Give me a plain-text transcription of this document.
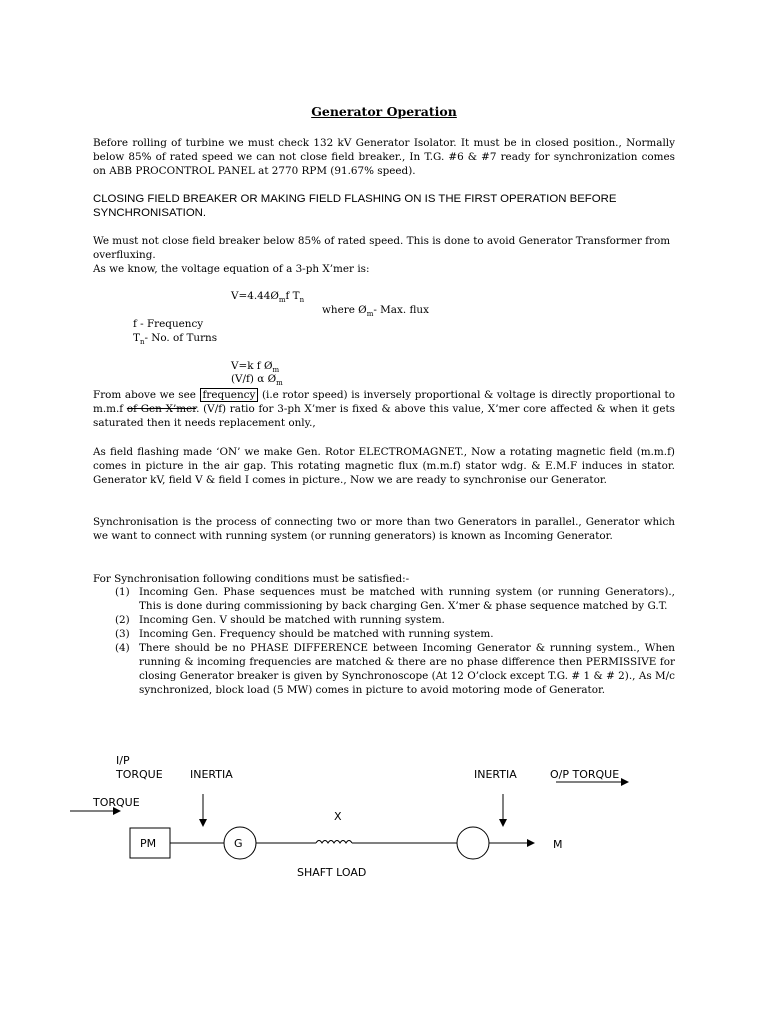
Generator Operation
Before rolling of turbine we must check 132 kV Generator Isolator. It must be in closed position., Normally below 85% of rated speed we can not close field breaker., In T.G. #6 & #7 ready for synchronization comes on ABB PROCONTROL PANEL at 2770 RPM (91.67% speed).
CLOSING FIELD BREAKER OR MAKING FIELD FLASHING ON IS THE FIRST OPERATION BEFORE SYNCHRONISATION.
We must not close field breaker below 85% of rated speed. This is done to avoid Generator Transformer from overfluxing.
As we know, the voltage equation of a 3-ph X’mer is:
$V=4.44Ø_mf$ $T_n$
where $Ø_m-$ Max. flux
f - Frequency
$T_n-$ No. of Turns
V=k f $Ø_m$
(V/f) α $Ø_m$
From above we see frequency (i.e rotor speed) is inversely proportional & voltage is directly proportional to m.m.f of Gen X’mer. (V/f) ratio for 3-ph X’mer is fixed & above this value, X’mer core affected & when it gets saturated then it needs replacement only.,
As field flashing made ‘ON’ we make Gen. Rotor ELECTROMAGNET., Now a rotating magnetic field (m.m.f) comes in picture in the air gap. This rotating magnetic flux (m.m.f) stator wdg. & E.M.F induces in stator. Generator kV, field V & field I comes in picture., Now we are ready to synchronise our Generator.
Synchronisation is the process of connecting two or more than two Generators in parallel., Generator which we want to connect with running system (or running generators) is known as Incoming Generator.
For Synchronisation following conditions must be satisfied:-
(1) Incoming Gen. Phase sequences must be matched with running system (or running Generators)., This is done during commissioning by back charging Gen. X’mer & phase sequence matched by G.T.
(2) Incoming Gen. V should be matched with running system.
(3) Incoming Gen. Frequency should be matched with running system.
(4) There should be no PHASE DIFFERENCE between Incoming Generator & running system., When running & incoming frequencies are matched & there are no phase difference then PERMISSIVE for closing Generator breaker is given by Synchronoscope (At 12 O’clock except T.G. # 1 & # 2)., As M/c synchronized, block load (5 MW) comes in picture to avoid motoring mode of Generator.
I/P
TORQUE INERTIA	INERTIA	O/P TORQUE
TORQUE
X
M
SHAFT LOAD
PM	G
